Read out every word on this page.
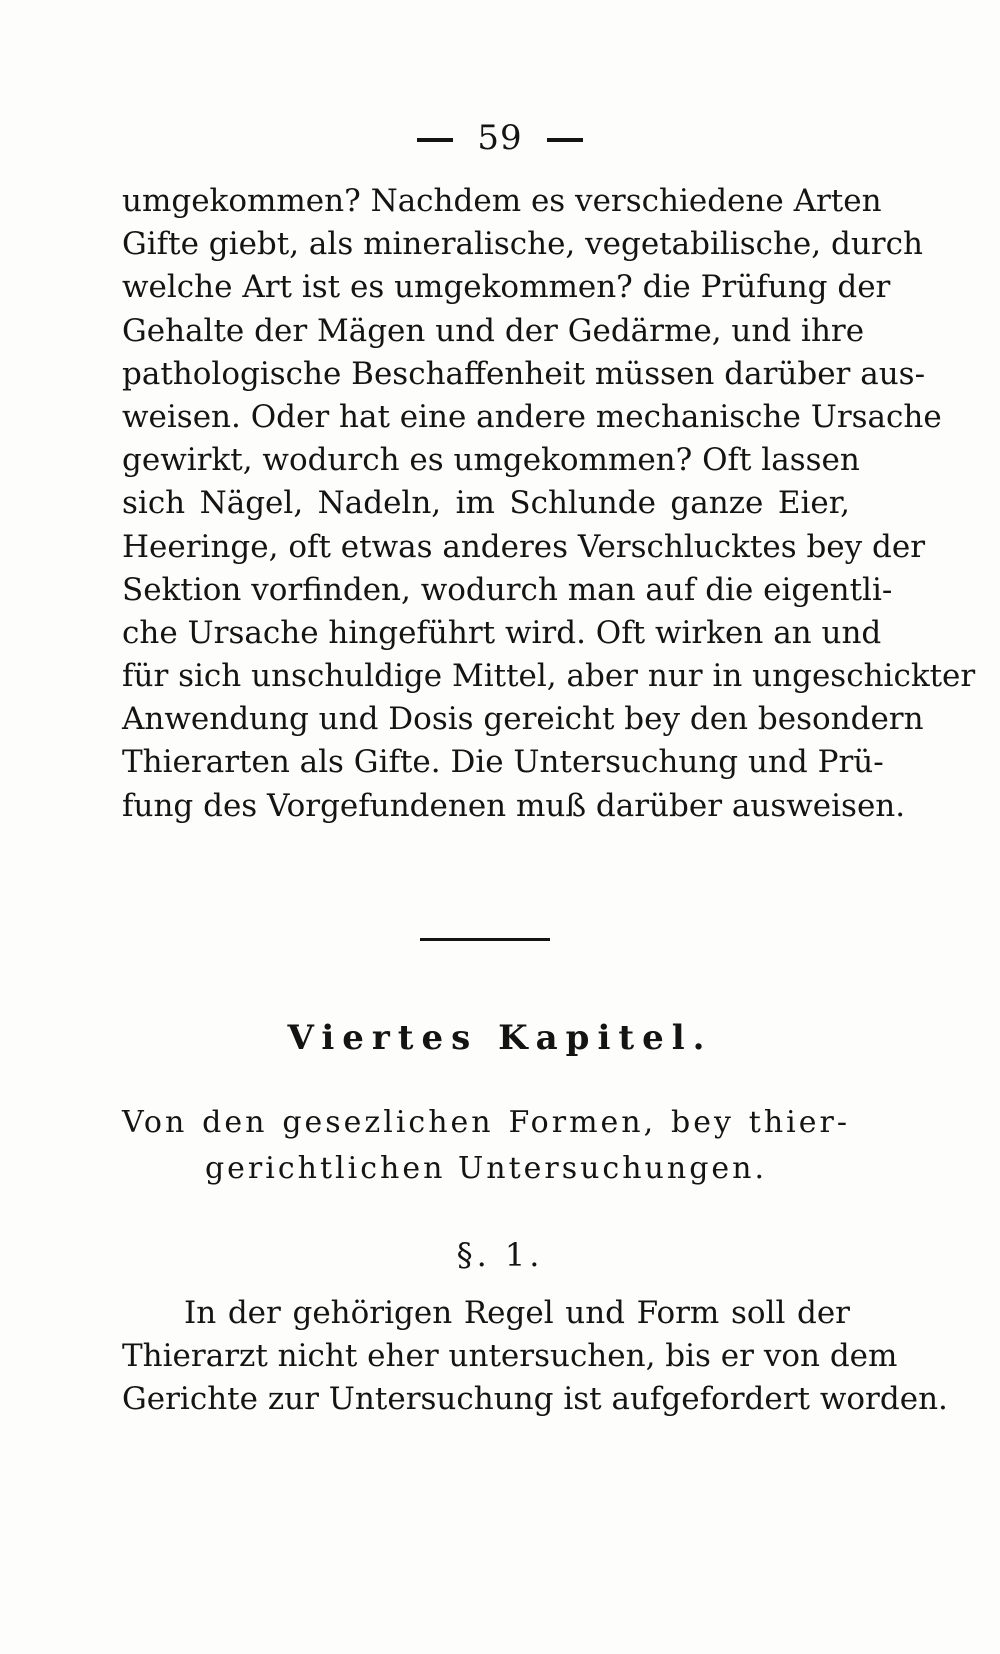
59
umgekommen? Nachdem es verschiedene Arten
Gifte giebt, als mineralische, vegetabilische, durch
welche Art ist es umgekommen? die Prüfung der
Gehalte der Mägen und der Gedärme, und ihre
pathologische Beschaffenheit müssen darüber aus-
weisen. Oder hat eine andere mechanische Ursache
gewirkt, wodurch es umgekommen? Oft lassen
sich Nägel, Nadeln, im Schlunde ganze Eier,
Heeringe, oft etwas anderes Verschlucktes bey der
Sektion vorfinden, wodurch man auf die eigentli-
che Ursache hingeführt wird. Oft wirken an und
für sich unschuldige Mittel, aber nur in ungeschickter
Anwendung und Dosis gereicht bey den besondern
Thierarten als Gifte. Die Untersuchung und Prü-
fung des Vorgefundenen muß darüber ausweisen.
Viertes Kapitel.
Von den gesezlichen Formen, bey thier-
gerichtlichen Untersuchungen.
§. 1.
In der gehörigen Regel und Form soll der
Thierarzt nicht eher untersuchen, bis er von dem
Gerichte zur Untersuchung ist aufgefordert worden.
